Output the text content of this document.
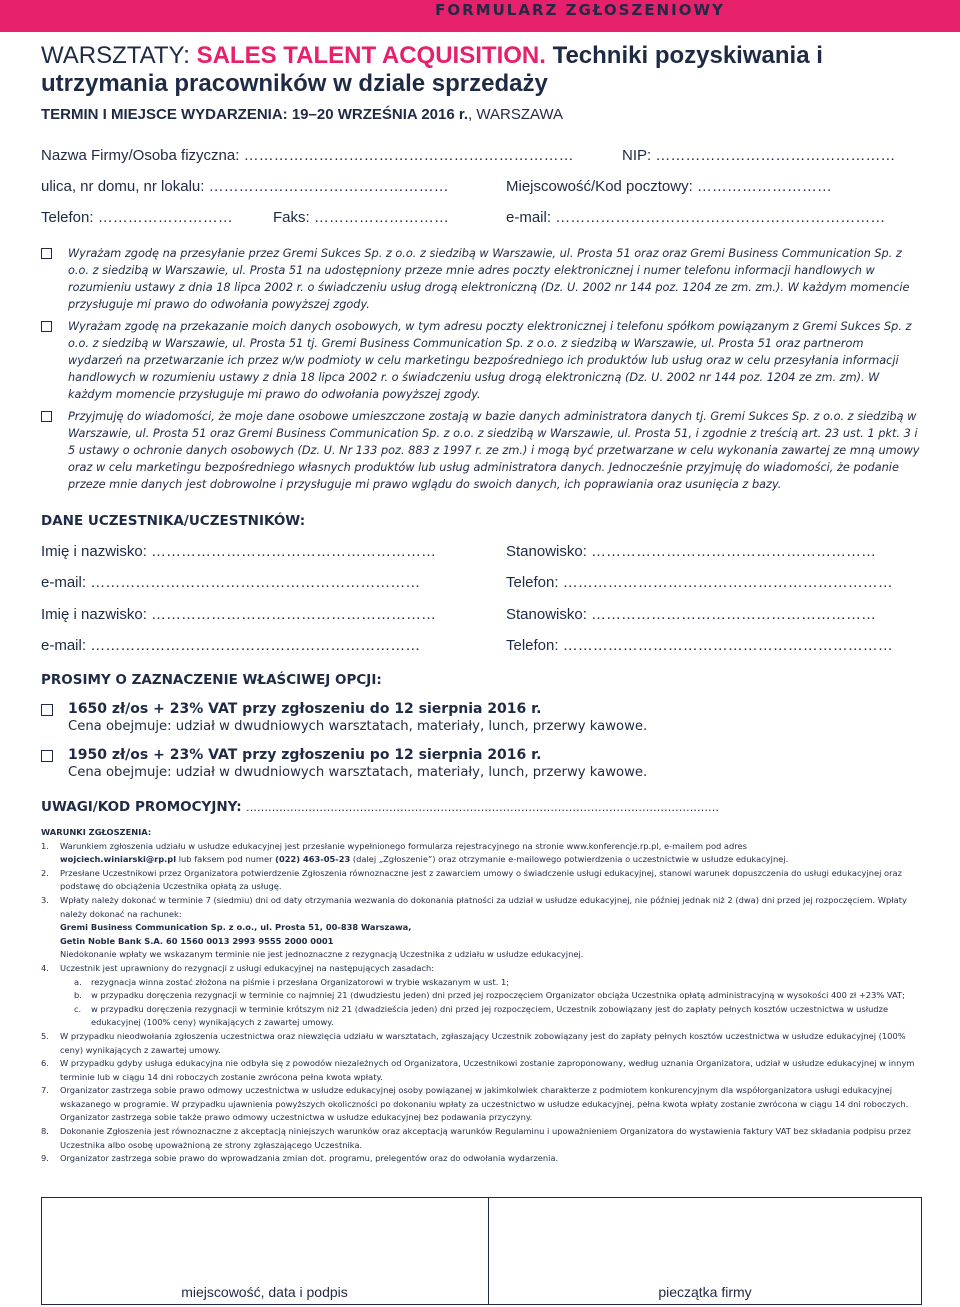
FORMULARZ ZGŁOSZENIOWY
WARSZTATY: SALES TALENT ACQUISITION. Techniki pozyskiwania i utrzymania pracowników w dziale sprzedaży
TERMIN I MIEJSCE WYDARZENIA: 19–20 WRZEŚNIA 2016 r., WARSZAWA
Nazwa Firmy/Osoba fizyczna: …………………………………………………………	NIP: …………………………………………
ulica, nr domu, nr lokalu: …………………………………………	Miejscowość/Kod pocztowy: ………………………
Telefon: ………………………	Faks: ………………………	e-mail: …………………………………………………………
Wyrażam zgodę na przesyłanie przez Gremi Sukces Sp. z o.o. z siedzibą w Warszawie, ul. Prosta 51 oraz oraz Gremi Business Communication Sp. z o.o. z siedzibą w Warszawie, ul. Prosta 51 na udostępniony przeze mnie adres poczty elektronicznej i numer telefonu informacji handlowych w rozumieniu ustawy z dnia 18 lipca 2002 r. o świadczeniu usług drogą elektroniczną (Dz. U. 2002 nr 144 poz. 1204 ze zm. zm.). W każdym momencie przysługuje mi prawo do odwołania powyższej zgody.
Wyrażam zgodę na przekazanie moich danych osobowych, w tym adresu poczty elektronicznej i telefonu spółkom powiązanym z Gremi Sukces Sp. z o.o. z siedzibą w Warszawie, ul. Prosta 51 tj. Gremi Business Communication Sp. z o.o. z siedzibą w Warszawie, ul. Prosta 51 oraz partnerom wydarzeń na przetwarzanie ich przez w/w podmioty w celu marketingu bezpośredniego ich produktów lub usług oraz w celu przesyłania informacji handlowych w rozumieniu ustawy z dnia 18 lipca 2002 r. o świadczeniu usług drogą elektroniczną (Dz. U. 2002 nr 144 poz. 1204 ze zm. zm). W każdym momencie przysługuje mi prawo do odwołania powyższej zgody.
Przyjmuję do wiadomości, że moje dane osobowe umieszczone zostają w bazie danych administratora danych tj. Gremi Sukces Sp. z o.o. z siedzibą w Warszawie, ul. Prosta 51 oraz Gremi Business Communication Sp. z o.o. z siedzibą w Warszawie, ul. Prosta 51, i zgodnie z treścią art. 23 ust. 1 pkt. 3 i 5 ustawy o ochronie danych osobowych (Dz. U. Nr 133 poz. 883 z 1997 r. ze zm.) i mogą być przetwarzane w celu wykonania zawartej ze mną umowy oraz w celu marketingu bezpośredniego własnych produktów lub usług administratora danych. Jednocześnie przyjmuję do wiadomości, że podanie przeze mnie danych jest dobrowolne i przysługuje mi prawo wglądu do swoich danych, ich poprawiania oraz usunięcia z bazy.
DANE UCZESTNIKA/UCZESTNIKÓW:
Imię i nazwisko: …………………………………………………	Stanowisko: …………………………………………………
e-mail: …………………………………………………………	Telefon: …………………………………………………………
Imię i nazwisko: …………………………………………………	Stanowisko: …………………………………………………
e-mail: …………………………………………………………	Telefon: …………………………………………………………
PROSIMY O ZAZNACZENIE WŁAŚCIWEJ OPCJI:
1650 zł/os + 23% VAT przy zgłoszeniu do 12 sierpnia 2016 r.
Cena obejmuje: udział w dwudniowych warsztatach, materiały, lunch, przerwy kawowe.
1950 zł/os + 23% VAT przy zgłoszeniu po 12 sierpnia 2016 r.
Cena obejmuje: udział w dwudniowych warsztatach, materiały, lunch, przerwy kawowe.
UWAGI/KOD PROMOCYJNY: …………………………………………………………………………………………………………………
WARUNKI ZGŁOSZENIA:
1. Warunkiem zgłoszenia udziału w usłudze edukacyjnej jest przesłanie wypełnionego formularza rejestracyjnego na stronie www.konferencje.rp.pl, e-mailem pod adres
wojciech.winiarski@rp.pl lub faksem pod numer (022) 463-05-23 (dalej „Zgłoszenie”) oraz otrzymanie e-mailowego potwierdzenia o uczestnictwie w usłudze edukacyjnej.
2. Przesłane Uczestnikowi przez Organizatora potwierdzenie Zgłoszenia równoznaczne jest z zawarciem umowy o świadczenie usługi edukacyjnej, stanowi warunek dopuszczenia do usługi edukacyjnej oraz podstawę do obciążenia Uczestnika opłatą za usługę.
3. Wpłaty należy dokonać w terminie 7 (siedmiu) dni od daty otrzymania wezwania do dokonania płatności za udział w usłudze edukacyjnej, nie później jednak niż 2 (dwa) dni przed jej rozpoczęciem. Wpłaty należy dokonać na rachunek:
Gremi Business Communication Sp. z o.o., ul. Prosta 51, 00-838 Warszawa,
Getin Noble Bank S.A. 60 1560 0013 2993 9555 2000 0001
Niedokonanie wpłaty we wskazanym terminie nie jest jednoznaczne z rezygnacją Uczestnika z udziału w usłudze edukacyjnej.
4. Uczestnik jest uprawniony do rezygnacji z usługi edukacyjnej na następujących zasadach:
a. rezygnacja winna zostać złożona na piśmie i przesłana Organizatorowi w trybie wskazanym w ust. 1;
b. w przypadku doręczenia rezygnacji w terminie co najmniej 21 (dwudziestu jeden) dni przed jej rozpoczęciem Organizator obciąża Uczestnika opłatą administracyjną w wysokości 400 zł +23% VAT;
c. w przypadku doręczenia rezygnacji w terminie krótszym niż 21 (dwadzieścia jeden) dni przed jej rozpoczęciem, Uczestnik zobowiązany jest do zapłaty pełnych kosztów uczestnictwa w usłudze edukacyjnej (100% ceny) wynikających z zawartej umowy.
5. W przypadku nieodwołania zgłoszenia uczestnictwa oraz niewzięcia udziału w warsztatach, zgłaszający Uczestnik zobowiązany jest do zapłaty pełnych kosztów uczestnictwa w usłudze edukacyjnej (100% ceny) wynikających z zawartej umowy.
6. W przypadku gdyby usługa edukacyjna nie odbyła się z powodów niezależnych od Organizatora, Uczestnikowi zostanie zaproponowany, według uznania Organizatora, udział w usłudze edukacyjnej w innym terminie lub w ciągu 14 dni roboczych zostanie zwrócona pełna kwota wpłaty.
7. Organizator zastrzega sobie prawo odmowy uczestnictwa w usłudze edukacyjnej osoby powiązanej w jakimkolwiek charakterze z podmiotem konkurencyjnym dla współorganizatora usługi edukacyjnej wskazanego w programie. W przypadku ujawnienia powyższych okoliczności po dokonaniu wpłaty za uczestnictwo w usłudze edukacyjnej, pełna kwota wpłaty zostanie zwrócona w ciągu 14 dni roboczych. Organizator zastrzega sobie także prawo odmowy uczestnictwa w usłudze edukacyjnej bez podawania przyczyny.
8. Dokonanie Zgłoszenia jest równoznaczne z akceptacją niniejszych warunków oraz akceptacją warunków Regulaminu i upoważnieniem Organizatora do wystawienia faktury VAT bez składania podpisu przez Uczestnika albo osobę upoważnioną ze strony zgłaszającego Uczestnika.
9. Organizator zastrzega sobie prawo do wprowadzania zmian dot. programu, prelegentów oraz do odwołania wydarzenia.
miejscowość, data i podpis	pieczątka firmy
